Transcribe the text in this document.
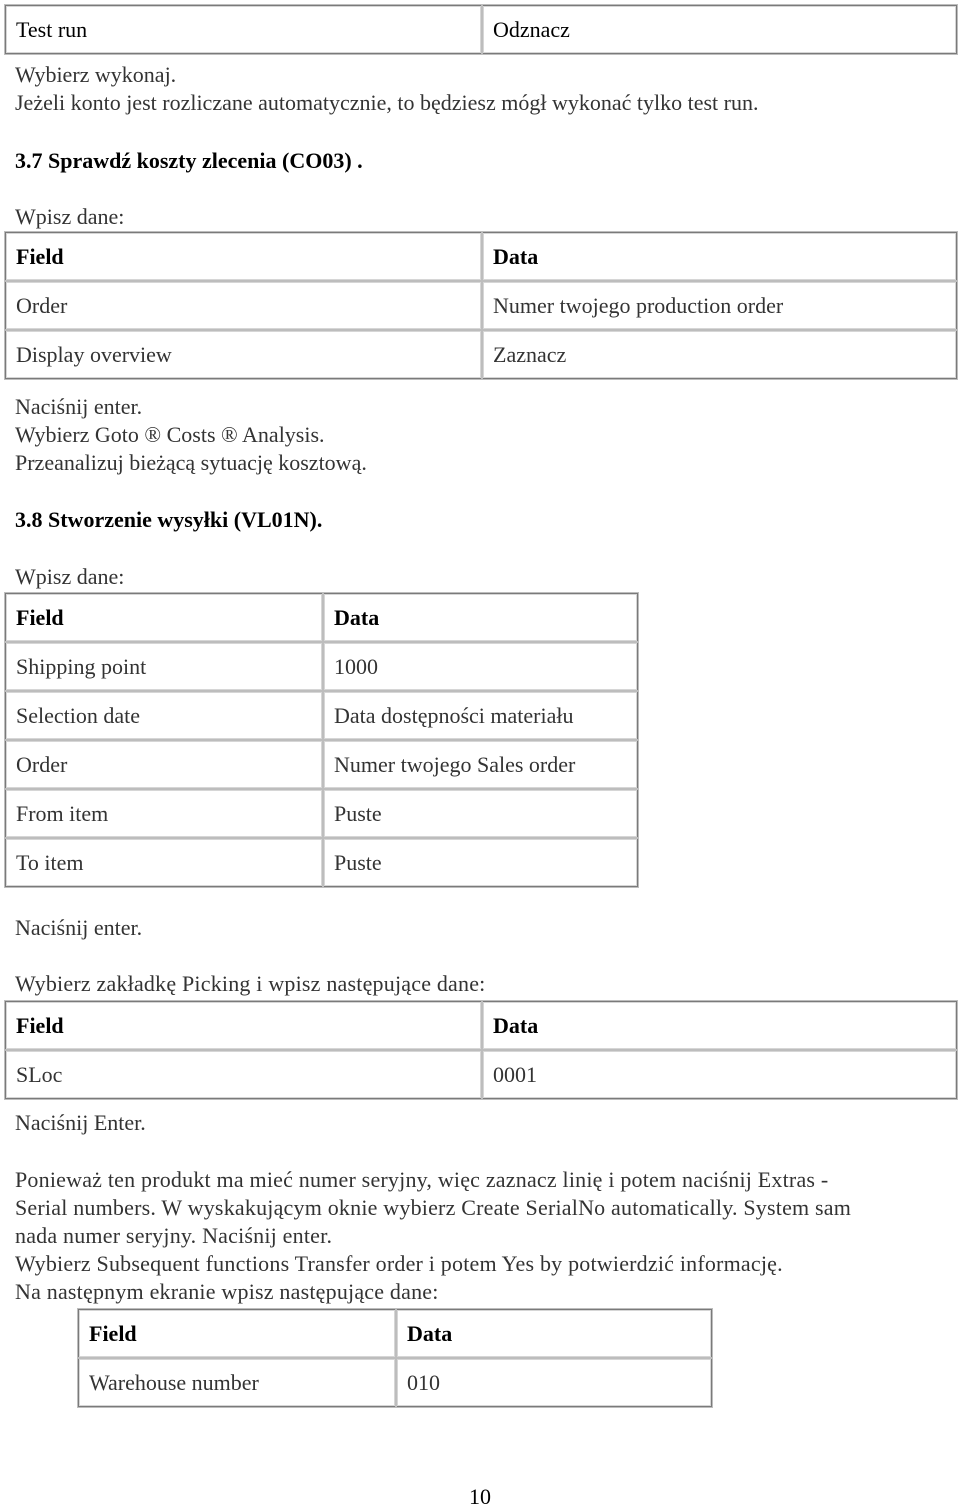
Test run	Odznacz
Wybierz wykonaj.
Jeżeli konto jest rozliczane automatycznie, to będziesz mógł wykonać tylko test run.
3.7 Sprawdź koszty zlecenia (CO03) .
Wpisz dane:
Field	Data
Order	Numer twojego production order
Display overview	Zaznacz
Naciśnij enter.
Wybierz Goto ® Costs ® Analysis.
Przeanalizuj bieżącą sytuację kosztową.
3.8 Stworzenie wysyłki (VL01N).
Wpisz dane:
Field	Data
Shipping point	1000
Selection date	Data dostępności materiału
Order	Numer twojego Sales order
From item	Puste
To item	Puste
Naciśnij enter.
Wybierz zakładkę Picking i wpisz następujące dane:
Field	Data
SLoc	0001
Naciśnij Enter.
Ponieważ ten produkt ma mieć numer seryjny, więc zaznacz linię i potem naciśnij Extras -
Serial numbers. W wyskakującym oknie wybierz Create SerialNo automatically. System sam
nada numer seryjny. Naciśnij enter.
Wybierz Subsequent functions Transfer order i potem Yes by potwierdzić informację.
Na następnym ekranie wpisz następujące dane:
Field	Data
Warehouse number	010
10
